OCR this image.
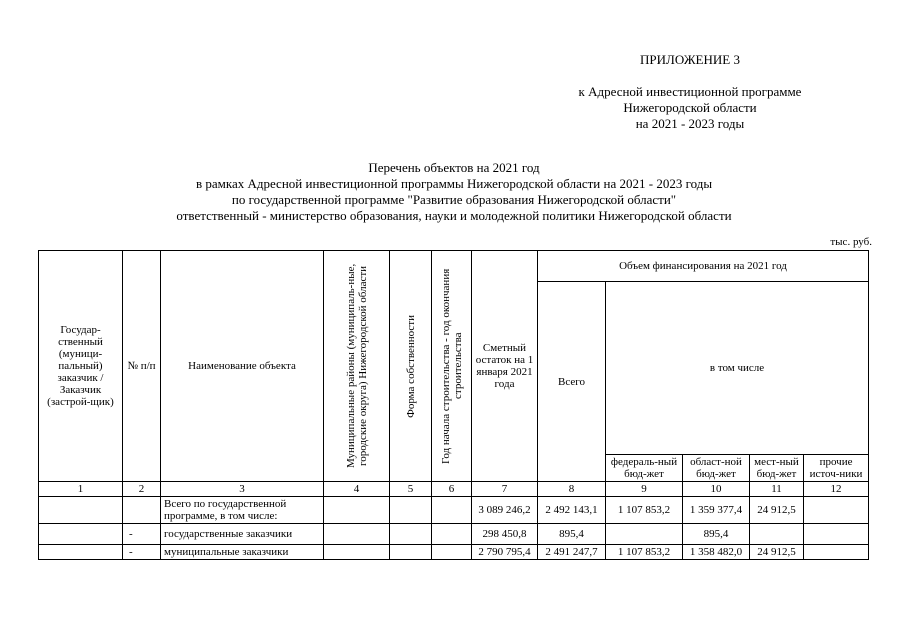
ПРИЛОЖЕНИЕ 3
к Адресной инвестиционной программе
Нижегородской области
на 2021 - 2023 годы
Перечень объектов на 2021 год
в рамках Адресной инвестиционной программы Нижегородской области на 2021 - 2023 годы
по государственной программе "Развитие образования Нижегородской области"
ответственный - министерство образования, науки и молодежной политики Нижегородской области
тыс. руб.
Государ-ственный (муници-пальный) заказчик / Заказчик (застрой-щик)	№ п/п	Наименование объекта	Муниципальные районы (муниципаль-ные, городские округа) Нижегородской области	Форма собственности	Год начала строительства - год окончания строительства	Сметный остаток на 1 января 2021 года	Объем финансирования на 2021 год				
							Всего	в том числе			
								федераль-ный бюд-жет	област-ной бюд-жет	мест-ный бюд-жет	прочие источ-ники
1	2	3	4	5	6	7	8	9	10	11	12
		Всего по государственной программе, в том числе:				3 089 246,2	2 492 143,1	1 107 853,2	1 359 377,4	24 912,5	
	-	государственные заказчики				298 450,8	895,4		895,4		
	-	муниципальные заказчики				2 790 795,4	2 491 247,7	1 107 853,2	1 358 482,0	24 912,5	
